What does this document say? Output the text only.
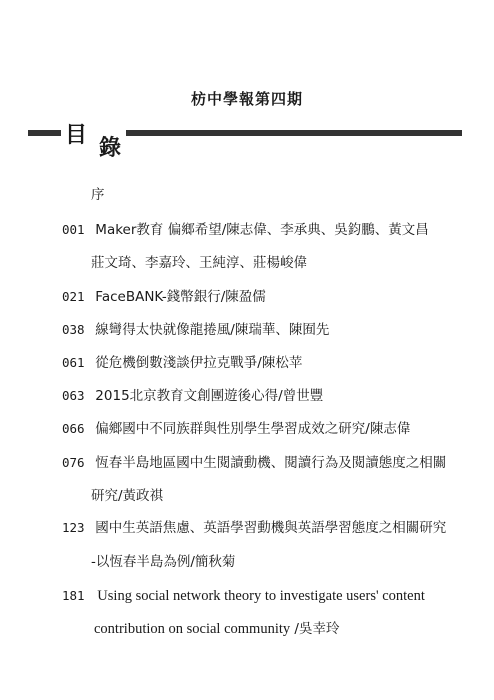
枋中學報第四期
目
錄
序
001 Maker教育 偏鄉希望/陳志偉、李承典、吳鈞鵬、黃文昌
莊文琦、李嘉玲、王純淳、莊楊峻偉
021 FaceBANK-錢幣銀行/陳盈儒
038 線彎得太快就像龍捲風/陳瑞華、陳囿先
061 從危機倒數淺談伊拉克戰爭/陳松苹
063 2015北京教育文創團遊後心得/曾世豐
066 偏鄉國中不同族群與性別學生學習成效之研究/陳志偉
076 恆春半島地區國中生閱讀動機、閱讀行為及閱讀態度之相關
研究/黃政祺
123 國中生英語焦慮、英語學習動機與英語學習態度之相關研究
-以恆春半島為例/簡秋菊
181 Using social network theory to investigate users' content
contribution on social community /吳幸玲
